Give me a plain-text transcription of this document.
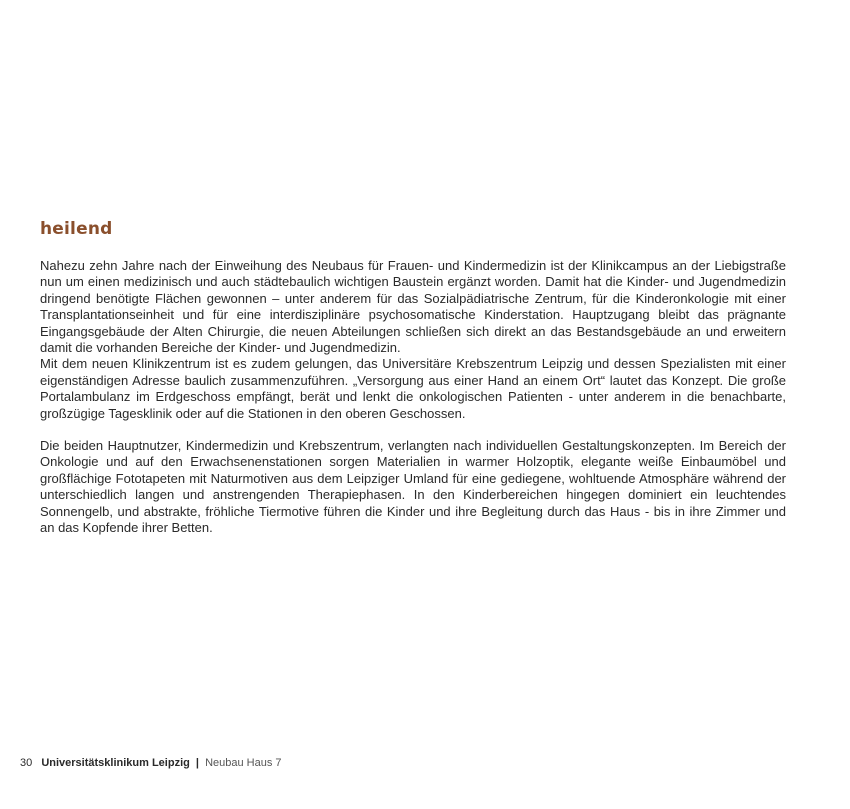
heilend

Nahezu zehn Jahre nach der Einweihung des Neubaus für Frauen- und Kindermedizin ist der Klinikcampus an der Liebigstraße nun um einen medizinisch und auch städtebaulich wichtigen Baustein ergänzt worden. Damit hat die Kinder- und Jugendmedizin dringend benötigte Flächen gewonnen – unter anderem für das Sozialpädiatrische Zentrum, für die Kinderonkologie mit einer Transplantationseinheit und für eine interdisziplinäre psychosomatische Kinderstation. Hauptzugang bleibt das prägnante Eingangsgebäude der Alten Chirurgie, die neuen Abteilungen schließen sich direkt an das Bestandsgebäude an und erweitern damit die vorhanden Bereiche der Kinder- und Jugendmedizin.

Mit dem neuen Klinikzentrum ist es zudem gelungen, das Universitäre Krebszentrum Leipzig und dessen Spezialisten mit einer eigenständigen Adresse baulich zusammenzuführen. „Versorgung aus einer Hand an einem Ort“ lautet das Konzept. Die große Portalambulanz im Erdgeschoss empfängt, berät und lenkt die onkologischen Patienten - unter anderem in die benachbarte, großzügige Tagesklinik oder auf die Stationen in den oberen Geschossen.

Die beiden Hauptnutzer, Kindermedizin und Krebszentrum, verlangten nach individuellen Gestaltungskonzepten. Im Bereich der Onkologie und auf den Erwachsenenstationen sorgen Materialien in warmer Holzoptik, elegante weiße Einbaumöbel und großflächige Fototapeten mit Naturmotiven aus dem Leipziger Umland für eine gediegene, wohltuende Atmosphäre während der unterschiedlich langen und anstrengenden Therapiephasen. In den Kinderbereichen hingegen dominiert ein leuchtendes Sonnengelb, und abstrakte, fröhliche Tiermotive führen die Kinder und ihre Begleitung durch das Haus - bis in ihre Zimmer und an das Kopfende ihrer Betten.

30 Universitätsklinikum Leipzig | Neubau Haus 7
